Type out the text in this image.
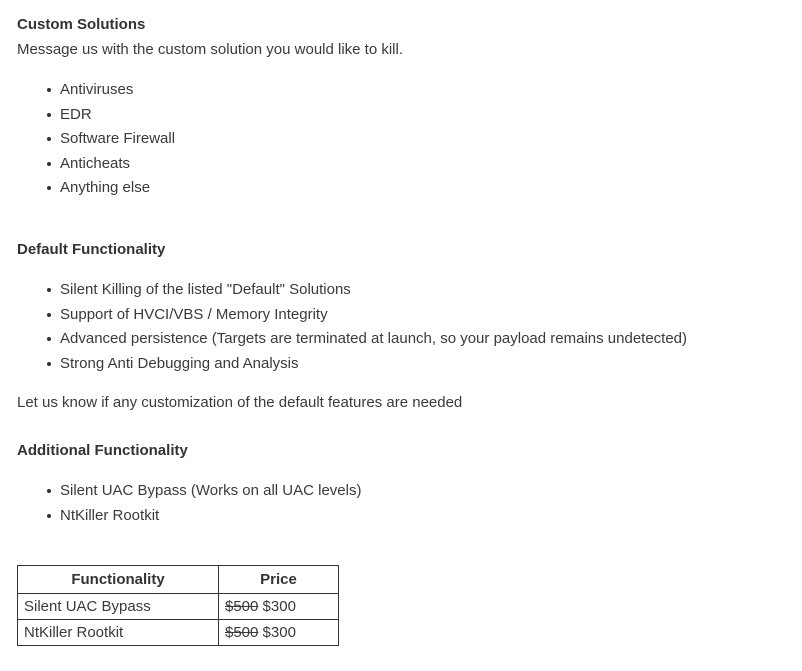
Custom Solutions

Message us with the custom solution you would like to kill.

Antiviruses
EDR
Software Firewall
Anticheats
Anything else
Default Functionality
Silent Killing of the listed "Default" Solutions
Support of HVCI/VBS / Memory Integrity
Advanced persistence (Targets are terminated at launch, so your payload remains undetected)
Strong Anti Debugging and Analysis

Let us know if any customization of the default features are needed

Additional Functionality
Silent UAC Bypass (Works on all UAC levels)
NtKiller Rootkit
Functionality	Price
Silent UAC Bypass	$500 $300
NtKiller Rootkit	$500 $300
